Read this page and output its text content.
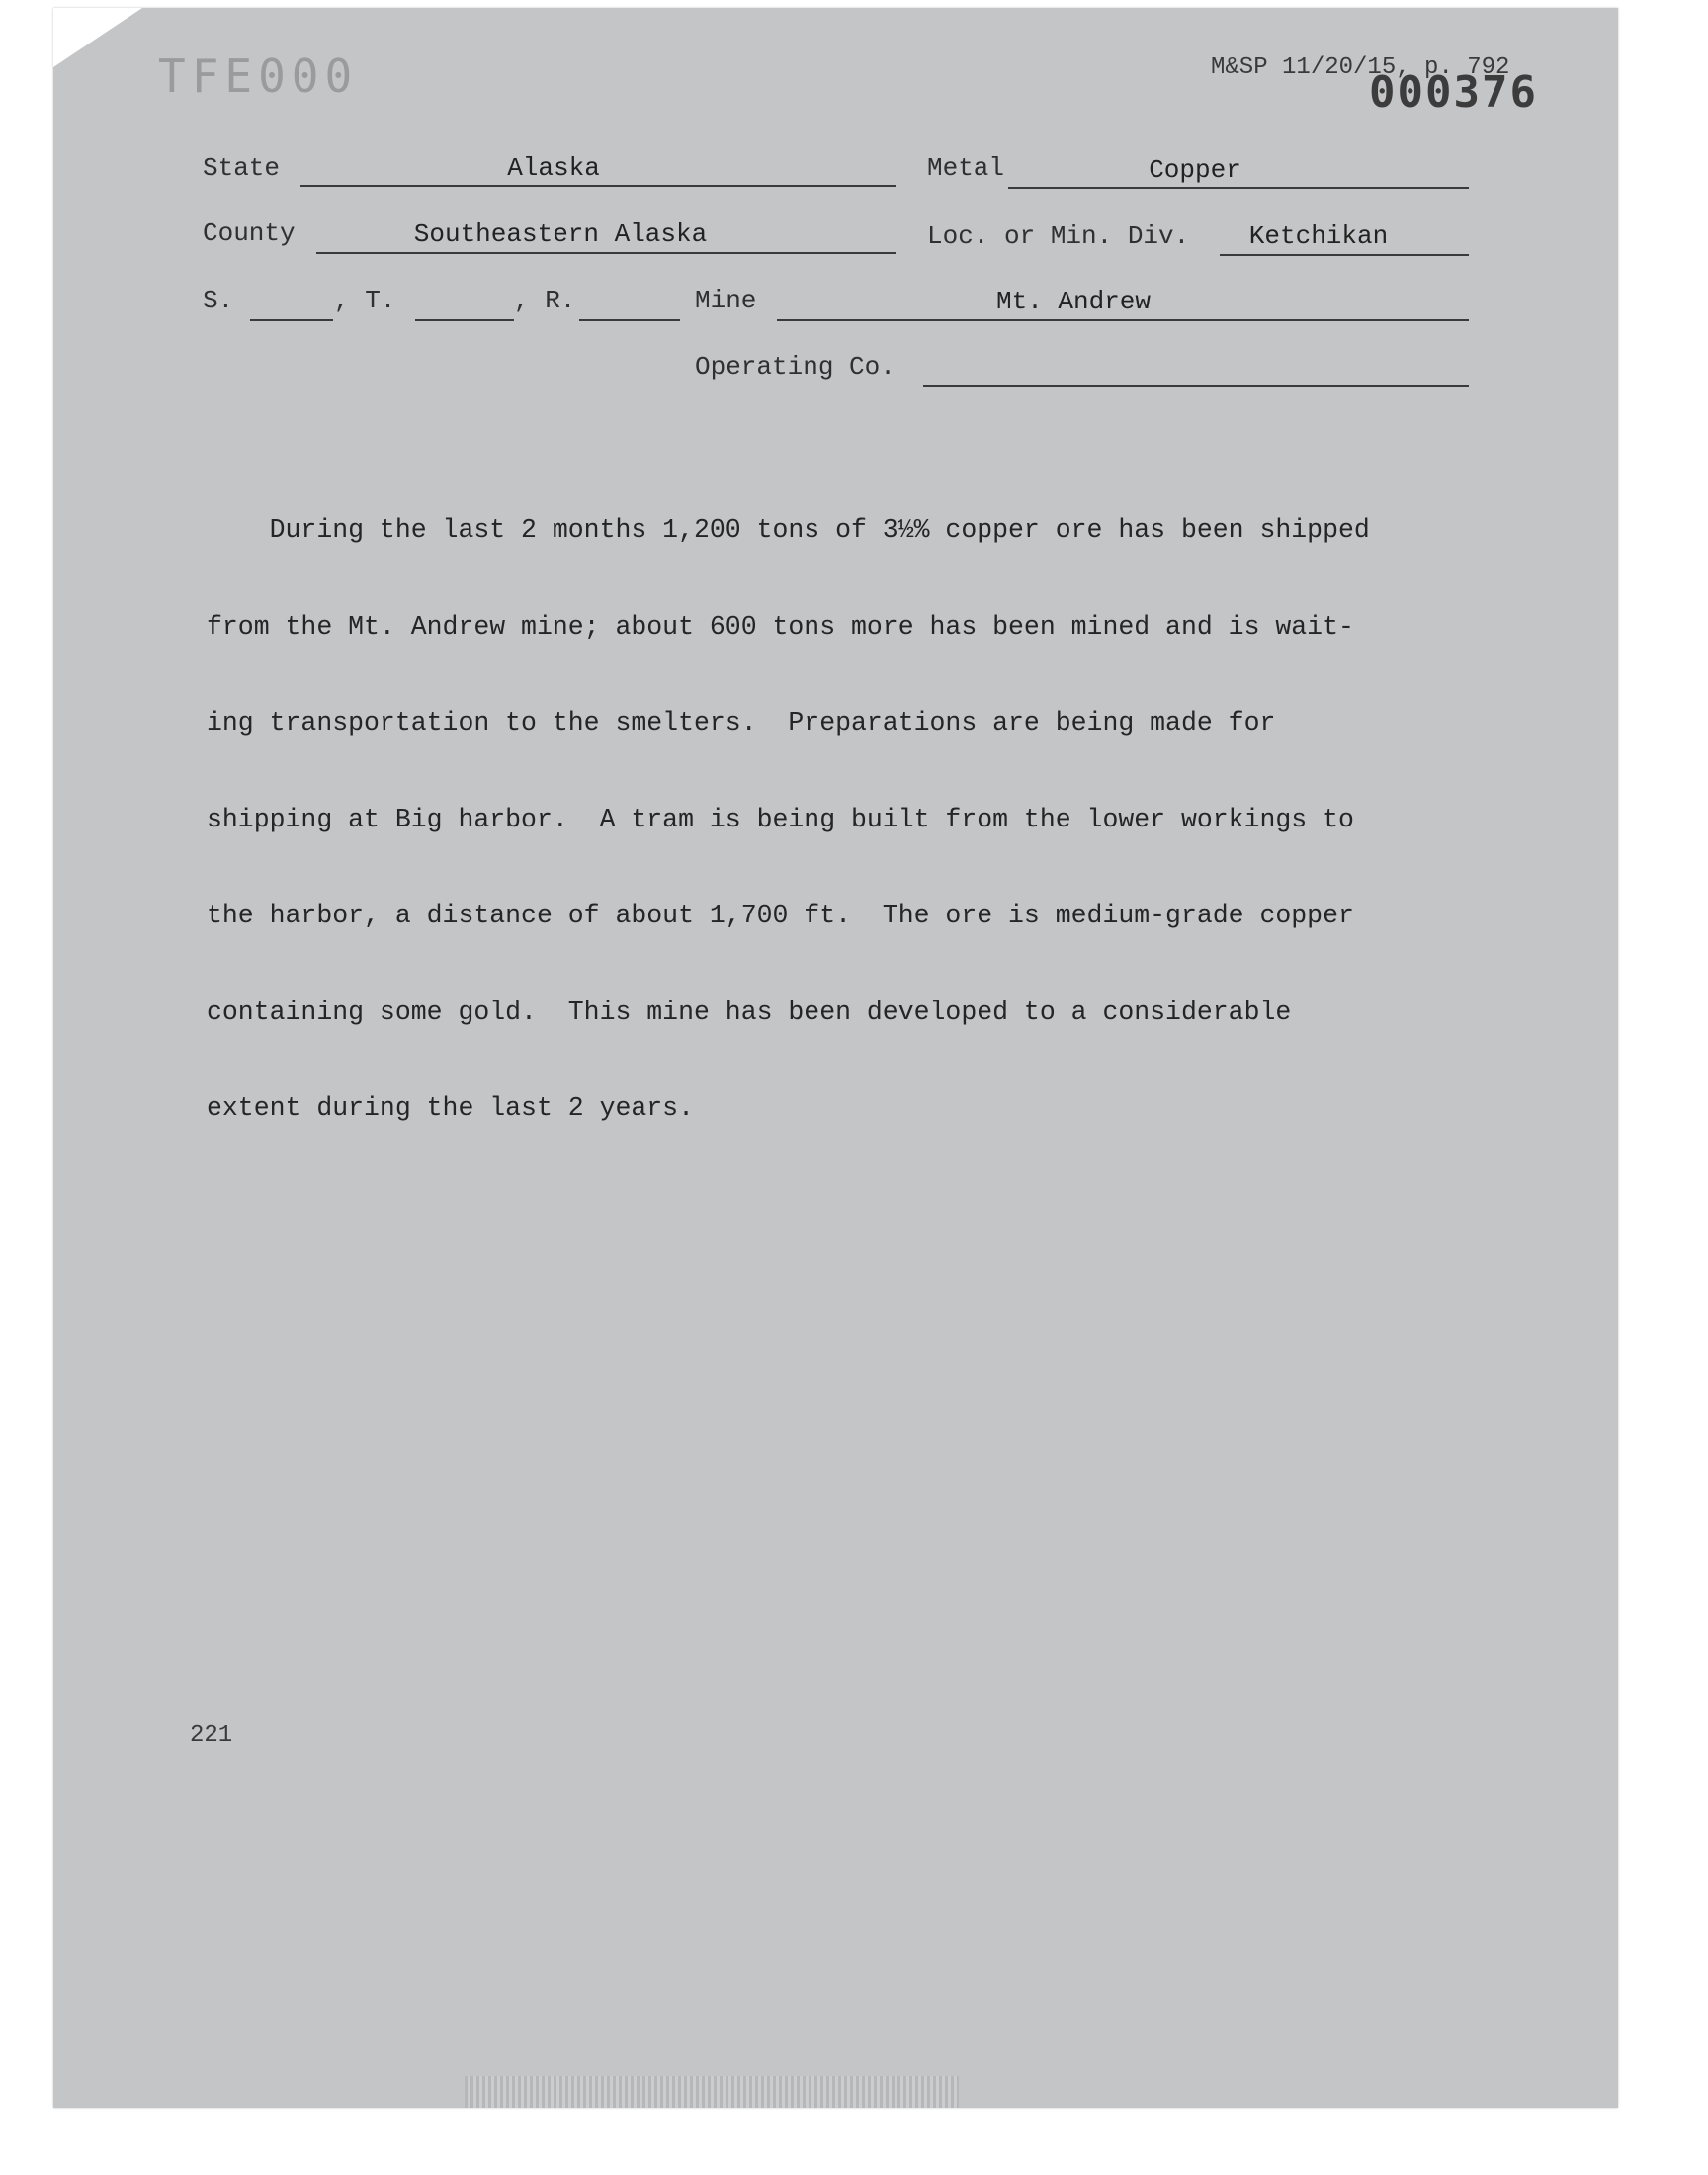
TFE000	M&SP 11/20/15, p. 792
000376
State	Alaska	Metal	Copper
County	Southeastern Alaska	Loc. or Min. Div.	Ketchikan
S.	, T.	, R.	Mine	Mt. Andrew
Operating Co.

During the last 2 months 1,200 tons of 3½% copper ore has been shipped

from the Mt. Andrew mine; about 600 tons more has been mined and is wait-

ing transportation to the smelters.  Preparations are being made for

shipping at Big harbor.  A tram is being built from the lower workings to

the harbor, a distance of about 1,700 ft.  The ore is medium-grade copper

containing some gold.  This mine has been developed to a considerable

extent during the last 2 years.

221
